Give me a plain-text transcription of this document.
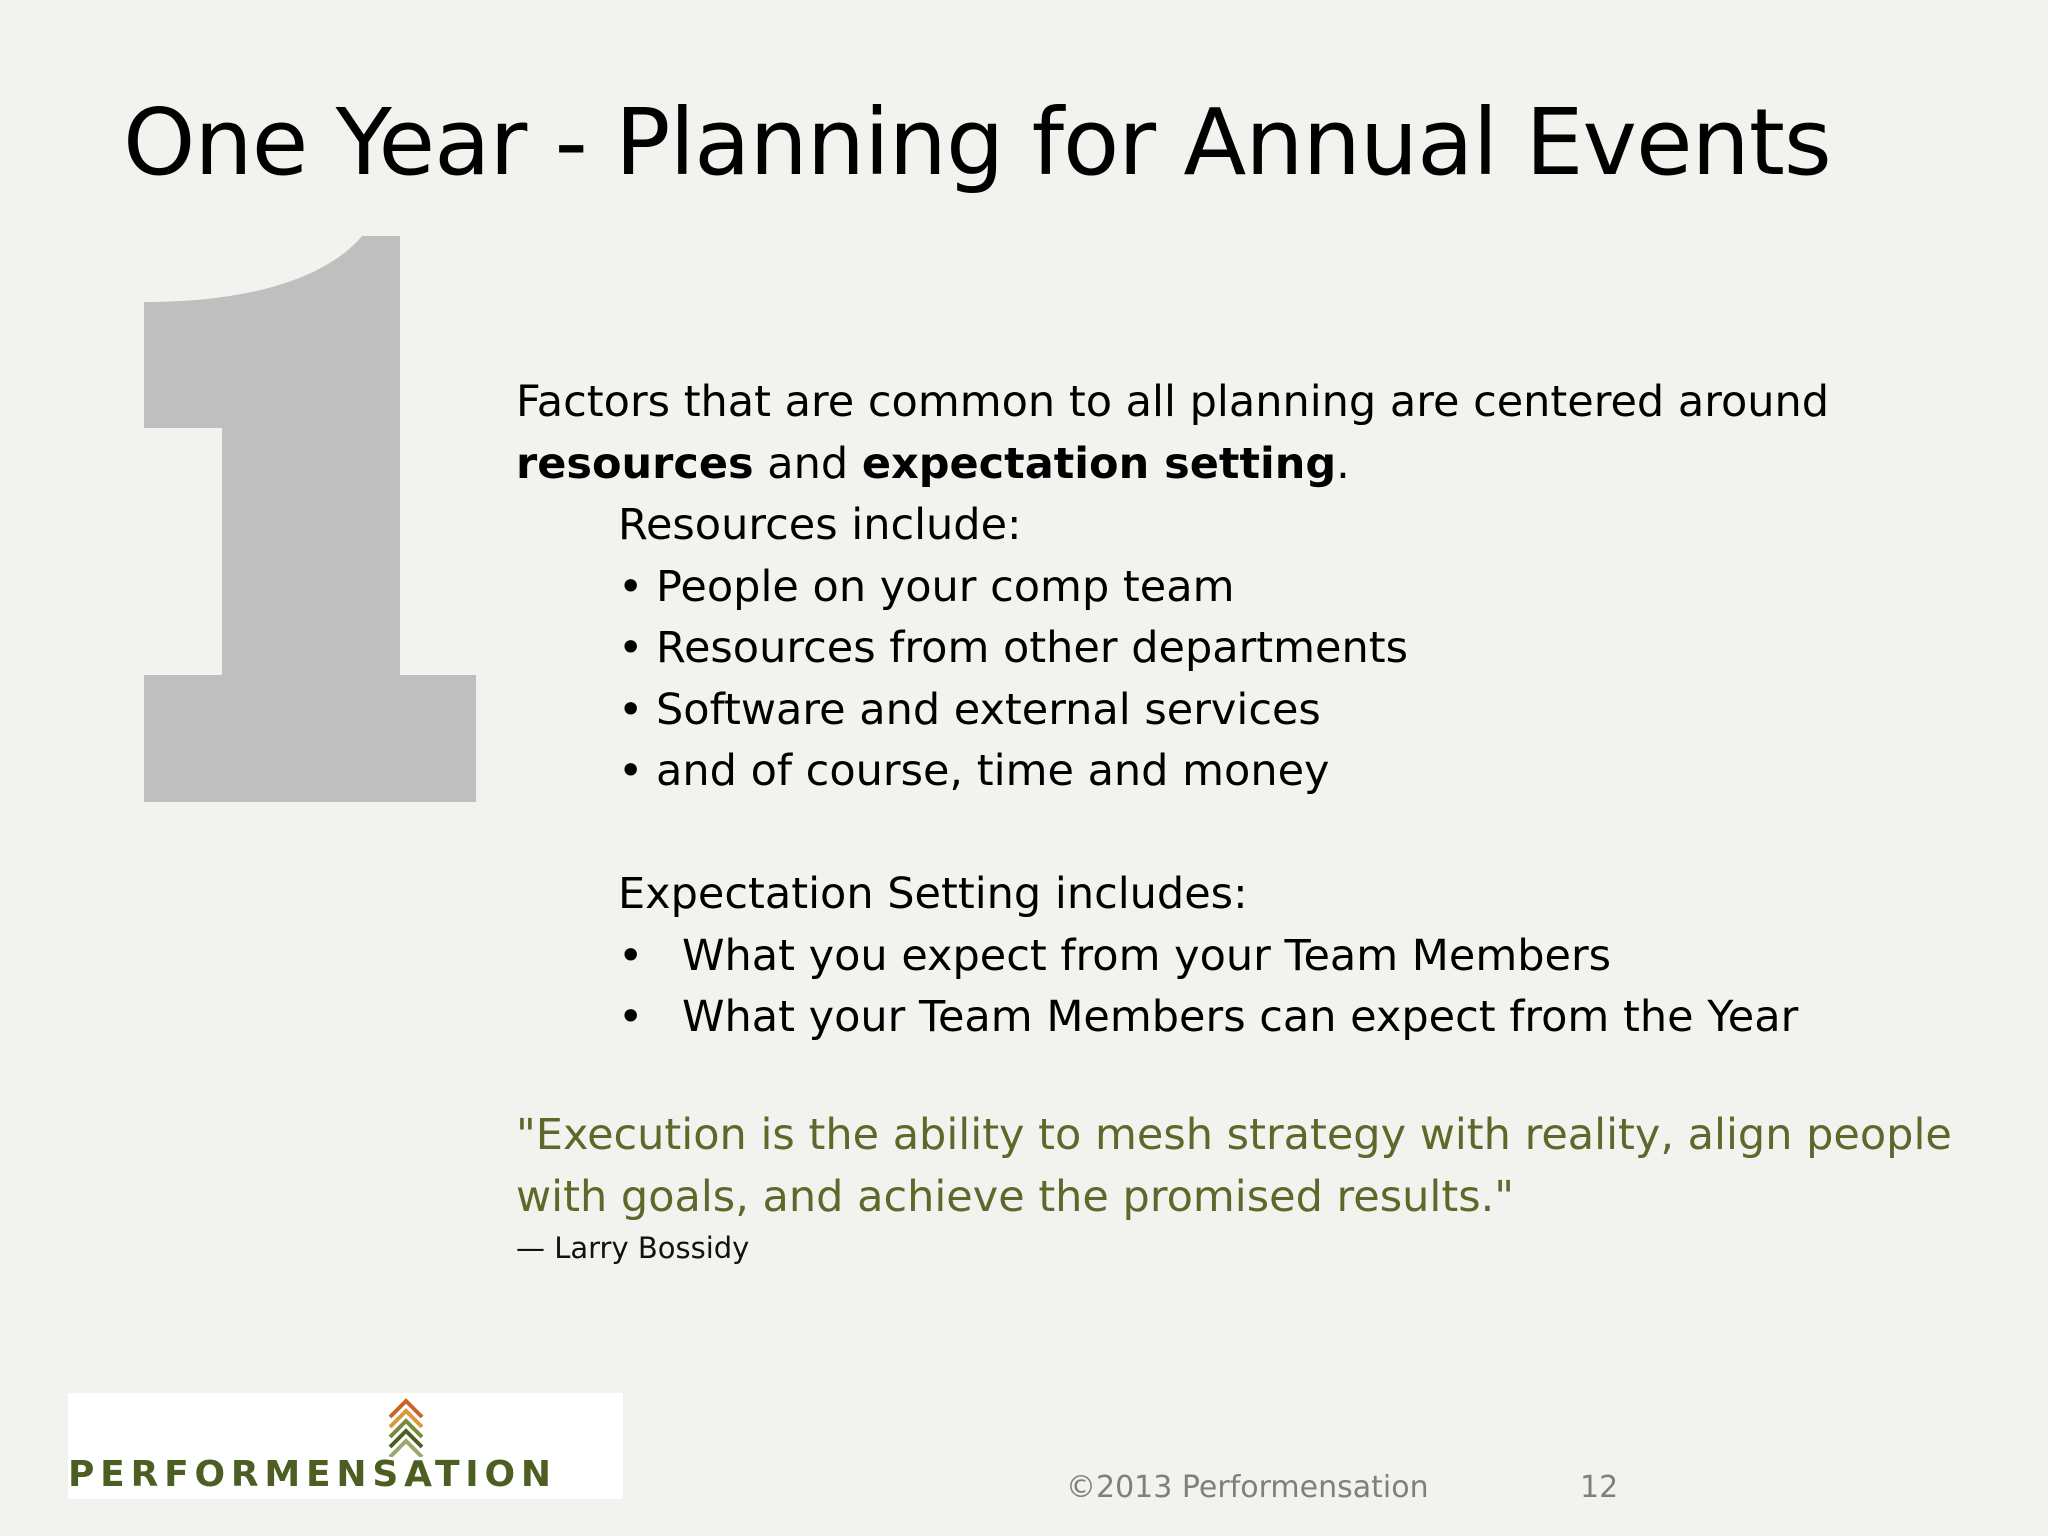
One Year - Planning for Annual Events

Factors that are common to all planning are centered around resources and expectation setting.

Resources include:

• People on your comp team
• Resources from other departments
• Software and external services
• and of course, time and money

Expectation Setting includes:

• What you expect from your Team Members
• What your Team Members can expect from the Year
"Execution is the ability to mesh strategy with reality, align people with goals, and achieve the promised results."
— Larry Bossidy
PERFORMENSATION	©2013 Performensation	12
